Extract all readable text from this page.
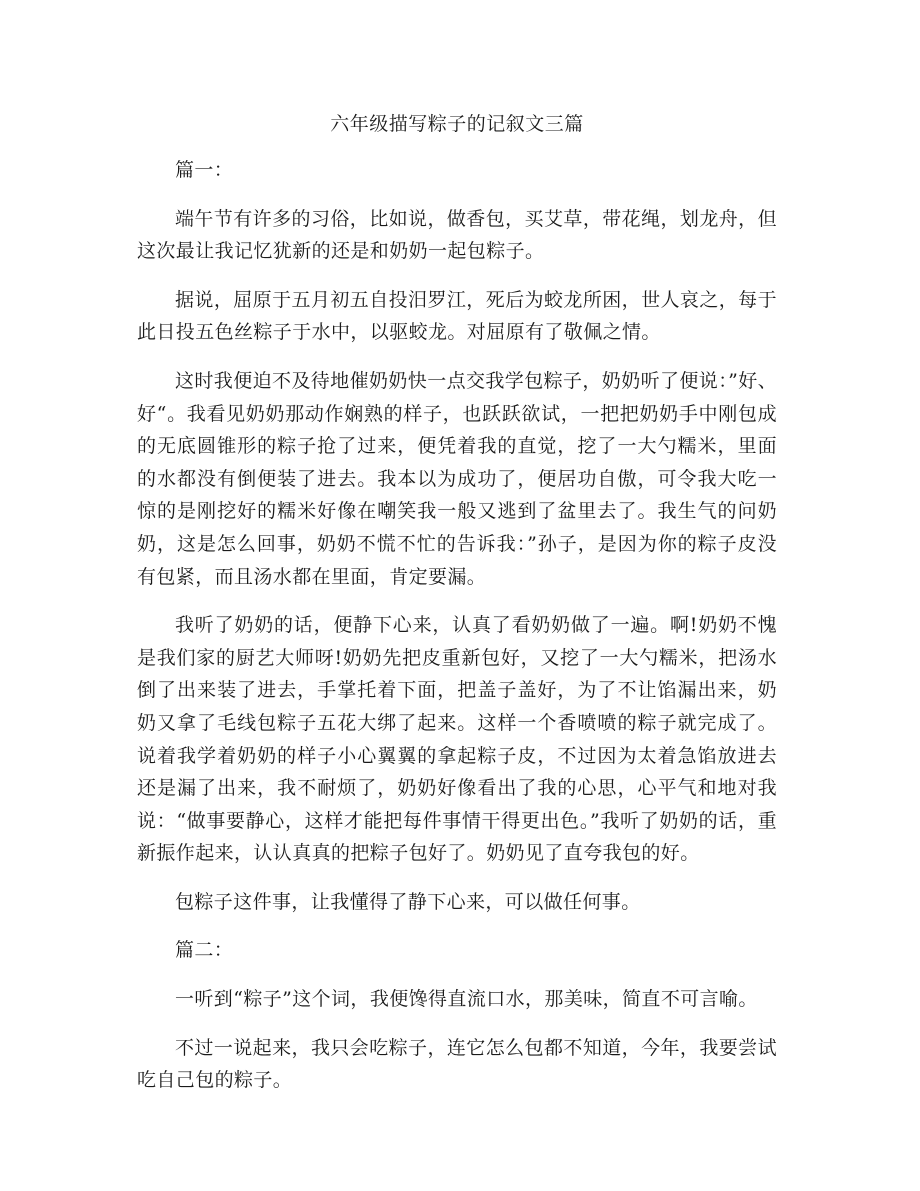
六年级描写粽子的记叙文三篇

篇一：

端午节有许多的习俗，比如说，做香包，买艾草，带花绳，划龙舟，但这次最让我记忆犹新的还是和奶奶一起包粽子。

据说，屈原于五月初五自投汨罗江，死后为蛟龙所困，世人哀之，每于此日投五色丝粽子于水中，以驱蛟龙。对屈原有了敬佩之情。

这时我便迫不及待地催奶奶快一点交我学包粽子，奶奶听了便说：”好、好“。我看见奶奶那动作娴熟的样子，也跃跃欲试，一把把奶奶手中刚包成的无底圆锥形的粽子抢了过来，便凭着我的直觉，挖了一大勺糯米，里面的水都没有倒便装了进去。我本以为成功了，便居功自傲，可令我大吃一惊的是刚挖好的糯米好像在嘲笑我一般又逃到了盆里去了。我生气的问奶奶，这是怎么回事，奶奶不慌不忙的告诉我：”孙子，是因为你的粽子皮没有包紧，而且汤水都在里面，肯定要漏。

我听了奶奶的话，便静下心来，认真了看奶奶做了一遍。啊!奶奶不愧是我们家的厨艺大师呀!奶奶先把皮重新包好，又挖了一大勺糯米，把汤水倒了出来装了进去，手掌托着下面，把盖子盖好，为了不让馅漏出来，奶奶又拿了毛线包粽子五花大绑了起来。这样一个香喷喷的粽子就完成了。说着我学着奶奶的样子小心翼翼的拿起粽子皮，不过因为太着急馅放进去还是漏了出来，我不耐烦了，奶奶好像看出了我的心思，心平气和地对我说：“做事要静心，这样才能把每件事情干得更出色。”我听了奶奶的话，重新振作起来，认认真真的把粽子包好了。奶奶见了直夸我包的好。

包粽子这件事，让我懂得了静下心来，可以做任何事。

篇二：

一听到“粽子”这个词，我便馋得直流口水，那美味，简直不可言喻。

不过一说起来，我只会吃粽子，连它怎么包都不知道，今年，我要尝试吃自己包的粽子。
